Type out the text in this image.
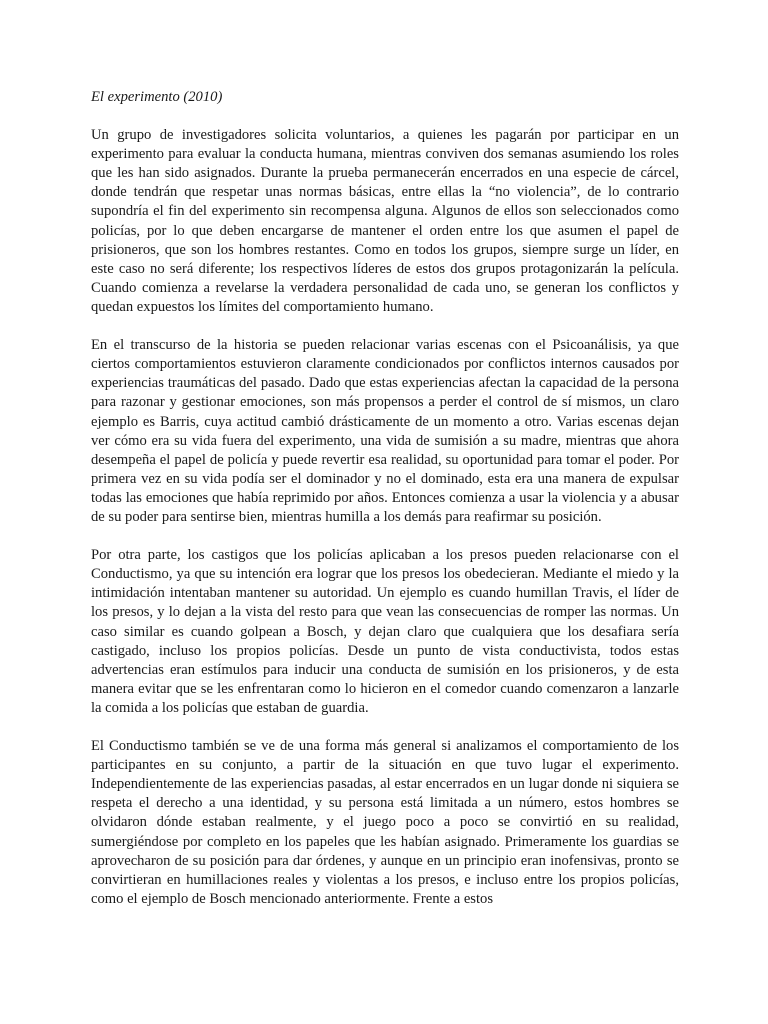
El experimento (2010)

Un grupo de investigadores solicita voluntarios, a quienes les pagarán por participar en un experimento para evaluar la conducta humana, mientras conviven dos semanas asumiendo los roles que les han sido asignados. Durante la prueba permanecerán encerrados en una especie de cárcel, donde tendrán que respetar unas normas básicas, entre ellas la “no violencia”, de lo contrario supondría el fin del experimento sin recompensa alguna. Algunos de ellos son seleccionados como policías, por lo que deben encargarse de mantener el orden entre los que asumen el papel de prisioneros, que son los hombres restantes. Como en todos los grupos, siempre surge un líder, en este caso no será diferente; los respectivos líderes de estos dos grupos protagonizarán la película. Cuando comienza a revelarse la verdadera personalidad de cada uno, se generan los conflictos y quedan expuestos los límites del comportamiento humano.

En el transcurso de la historia se pueden relacionar varias escenas con el Psicoanálisis, ya que ciertos comportamientos estuvieron claramente condicionados por conflictos internos causados por experiencias traumáticas del pasado. Dado que estas experiencias afectan la capacidad de la persona para razonar y gestionar emociones, son más propensos a perder el control de sí mismos, un claro ejemplo es Barris, cuya actitud cambió drásticamente de un momento a otro. Varias escenas dejan ver cómo era su vida fuera del experimento, una vida de sumisión a su madre, mientras que ahora desempeña el papel de policía y puede revertir esa realidad, su oportunidad para tomar el poder. Por primera vez en su vida podía ser el dominador y no el dominado, esta era una manera de expulsar todas las emociones que había reprimido por años. Entonces comienza a usar la violencia y a abusar de su poder para sentirse bien, mientras humilla a los demás para reafirmar su posición.

Por otra parte, los castigos que los policías aplicaban a los presos pueden relacionarse con el Conductismo, ya que su intención era lograr que los presos los obedecieran. Mediante el miedo y la intimidación intentaban mantener su autoridad. Un ejemplo es cuando humillan Travis, el líder de los presos, y lo dejan a la vista del resto para que vean las consecuencias de romper las normas. Un caso similar es cuando golpean a Bosch, y dejan claro que cualquiera que los desafiara sería castigado, incluso los propios policías. Desde un punto de vista conductivista, todos estas advertencias eran estímulos para inducir una conducta de sumisión en los prisioneros, y de esta manera evitar que se les enfrentaran como lo hicieron en el comedor cuando comenzaron a lanzarle la comida a los policías que estaban de guardia.

El Conductismo también se ve de una forma más general si analizamos el comportamiento de los participantes en su conjunto, a partir de la situación en que tuvo lugar el experimento. Independientemente de las experiencias pasadas, al estar encerrados en un lugar donde ni siquiera se respeta el derecho a una identidad, y su persona está limitada a un número, estos hombres se olvidaron dónde estaban realmente, y el juego poco a poco se convirtió en su realidad, sumergiéndose por completo en los papeles que les habían asignado. Primeramente los guardias se aprovecharon de su posición para dar órdenes, y aunque en un principio eran inofensivas, pronto se convirtieran en humillaciones reales y violentas a los presos, e incluso entre los propios policías, como el ejemplo de Bosch mencionado anteriormente. Frente a estos
